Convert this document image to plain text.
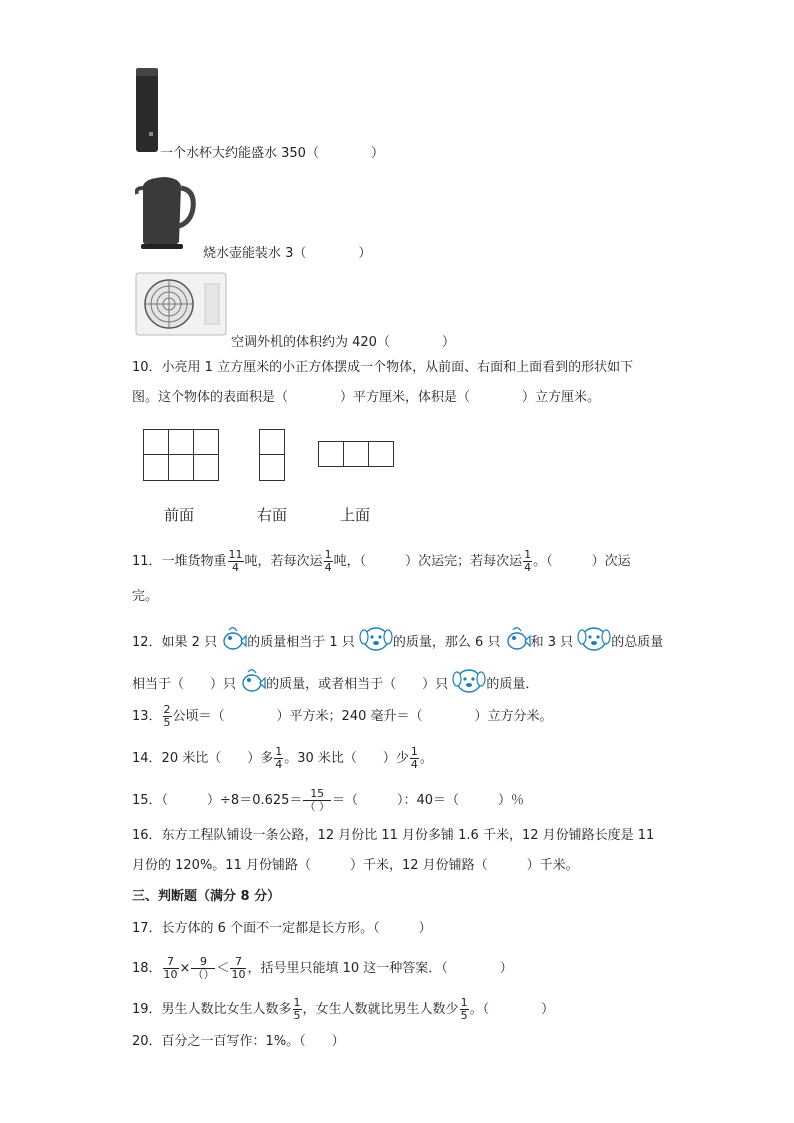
一个水杯大约能盛水 350（　　　　）
烧水壶能装水 3（　　　　）
空调外机的体积约为 420（　　　　）
10．小亮用 1 立方厘米的小正方体摆成一个物体，从前面、右面和上面看到的形状如下
图。这个物体的表面积是（　　　　）平方厘米，体积是（　　　　）立方厘米。
前面	右面	上面
11．一堆货物重 $\frac{11}{4}$ 吨，若每次运 $\frac{1}{4}$ 吨，（　　　）次运完；若每次运 $\frac{1}{4}$ 。（　　　）次运
完。
12．如果 2 只 的质量相当于 1 只	的质量，那么 6 只 和 3 只	的总质量
相当于（　　）只 的质量，或者相当于（　　）只	的质量．
13． $\frac{2}{5}$ 公顷＝（　　　　）平方米；240 毫升＝（　　　　）立方分米。
14．20 米比（　　）多 $\frac{1}{4}$ 。30 米比（　　）少 $\frac{1}{4}$ 。
15．（　　　）$\div 8=0.625= \frac{15}{( )}$ ＝（　　　）：40＝（　　　）％
16．东方工程队铺设一条公路，12 月份比 11 月份多铺 1.6 千米，12 月份铺路长度是 11
月份的 120%。11 月份铺路（　　　）千米，12 月份铺路（　　　）千米。
三、判断题（满分 8 分）
17．长方体的 6 个面不一定都是长方形。（　　　）
18． $\frac{7}{10} \times \frac{9}{()} < \frac{7}{10}$ ，括号里只能填 10 这一种答案．（　　　　）
19．男生人数比女生人数多 $\frac{1}{5}$ ，女生人数就比男生人数少 $\frac{1}{5}$ 。（　　　　）
20．百分之一百写作：1%。（　　）
